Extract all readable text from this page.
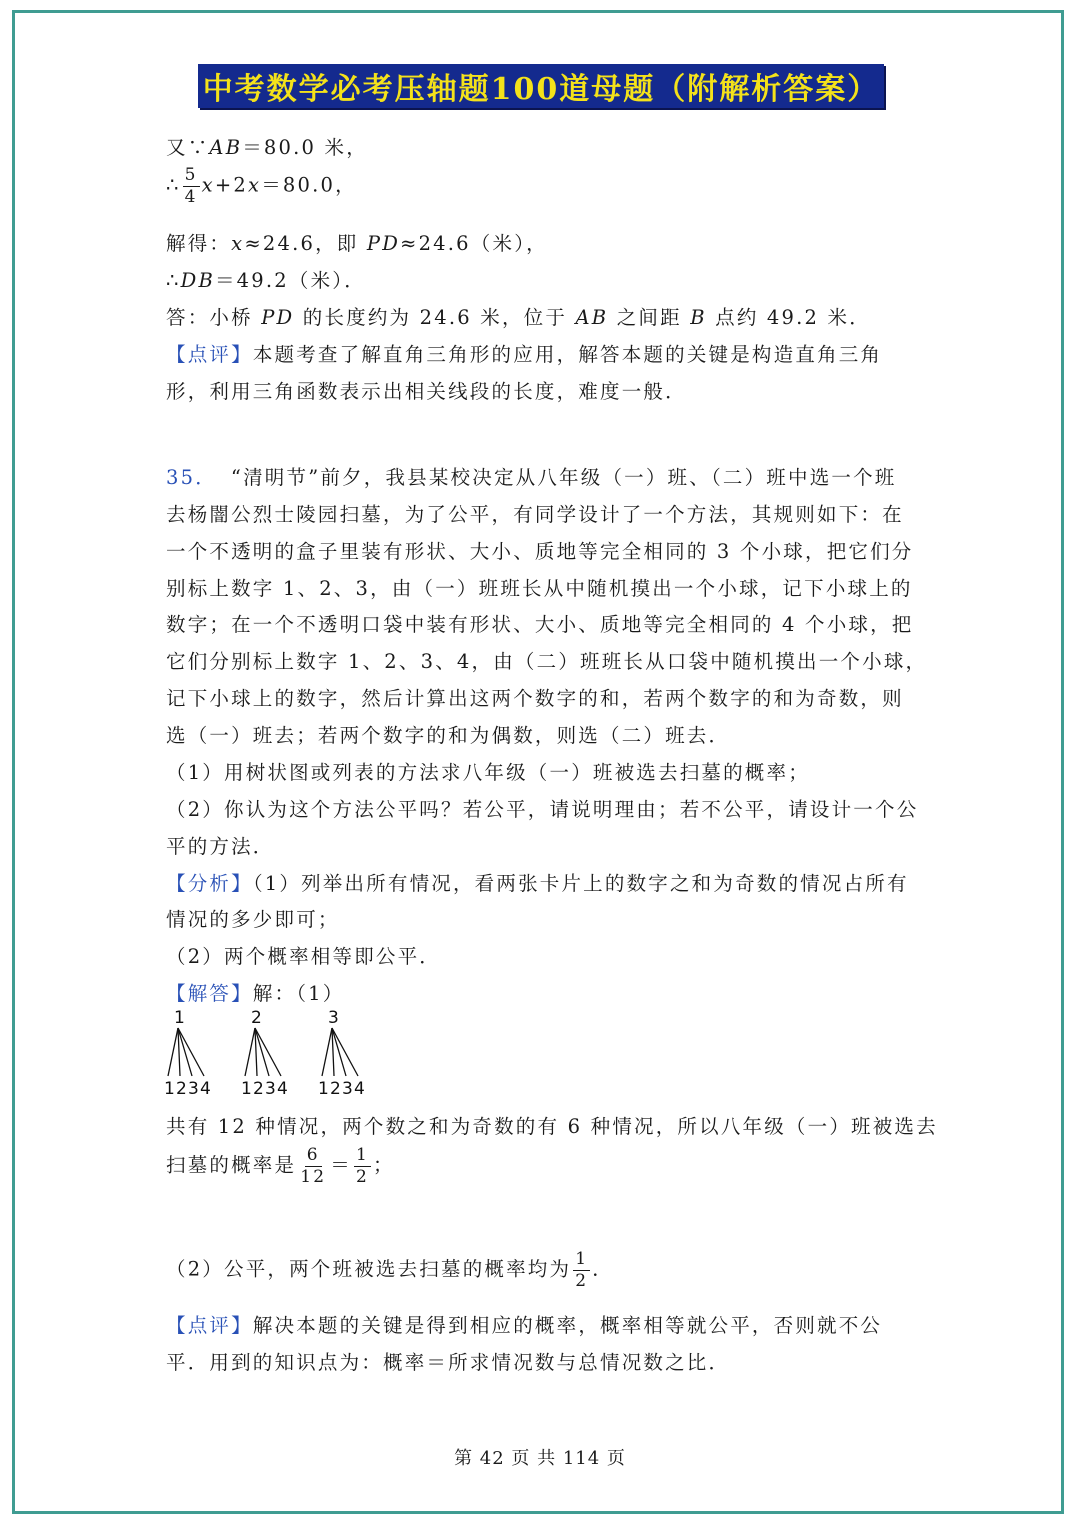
中考数学必考压轴题100道母题（附解析答案）
又∵AB＝80.0 米，
∴ $\frac{5}{4} x+2x=80.0$，
解得：x≈24.6，即 PD≈24.6（米），
∴DB＝49.2（米）．
答：小桥 PD 的长度约为 24.6 米，位于 AB 之间距 B 点约 49.2 米．
【点评】本题考查了解直角三角形的应用，解答本题的关键是构造直角三角
形，利用三角函数表示出相关线段的长度，难度一般．
35． “清明节”前夕，我县某校决定从八年级（一）班、（二）班中选一个班
去杨闇公烈士陵园扫墓，为了公平，有同学设计了一个方法，其规则如下：在
一个不透明的盒子里装有形状、大小、质地等完全相同的 3 个小球，把它们分
别标上数字 1、2、3，由（一）班班长从中随机摸出一个小球，记下小球上的
数字；在一个不透明口袋中装有形状、大小、质地等完全相同的 4 个小球，把
它们分别标上数字 1、2、3、4，由（二）班班长从口袋中随机摸出一个小球，
记下小球上的数字，然后计算出这两个数字的和，若两个数字的和为奇数，则
选（一）班去；若两个数字的和为偶数，则选（二）班去．
（1）用树状图或列表的方法求八年级（一）班被选去扫墓的概率；
（2）你认为这个方法公平吗？若公平，请说明理由；若不公平，请设计一个公
平的方法．
【分析】（1）列举出所有情况，看两张卡片上的数字之和为奇数的情况占所有
情况的多少即可；
（2）两个概率相等即公平．
【解答】解：（1）
1
1 2 3 4
2
1 2 3 4
3
1 2 3 4
共有 12 种情况，两个数之和为奇数的有 6 种情况，所以八年级（一）班被选去
扫墓的概率是 $\frac{6}{12} = \frac{1}{2}$ ；
（2）公平，两个班被选去扫墓的概率均为 $\frac{1}{2}$ ．
【点评】解决本题的关键是得到相应的概率，概率相等就公平，否则就不公
平．用到的知识点为：概率＝所求情况数与总情况数之比．
第 42 页 共 114 页
